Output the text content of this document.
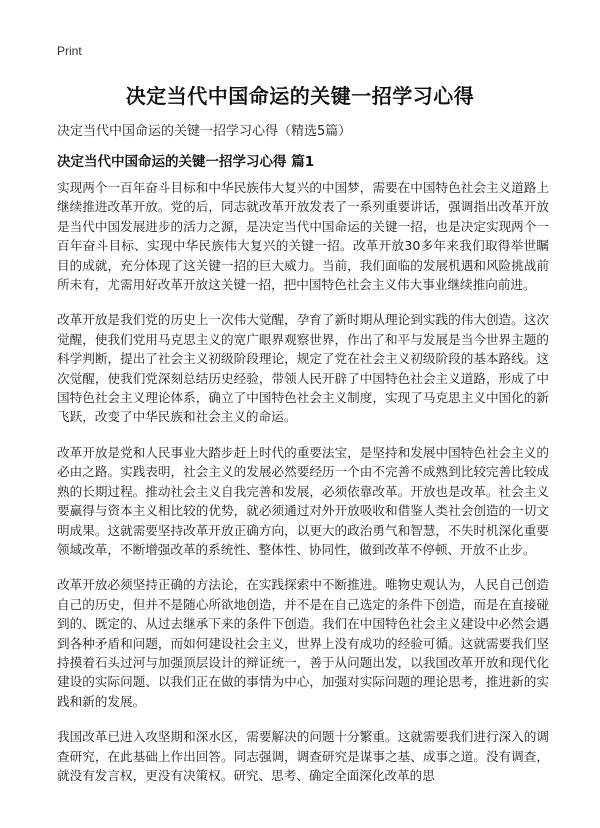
Print
决定当代中国命运的关键一招学习心得
决定当代中国命运的关键一招学习心得（精选5篇）
决定当代中国命运的关键一招学习心得 篇1

实现两个一百年奋斗目标和中华民族伟大复兴的中国梦，需要在中国特色社会主义道路上继续推进改革开放。党的后，同志就改革开放发表了一系列重要讲话，强调指出改革开放是当代中国发展进步的活力之源，是决定当代中国命运的关键一招，也是决定实现两个一百年奋斗目标、实现中华民族伟大复兴的关键一招。改革开放30多年来我们取得举世瞩目的成就，充分体现了这关键一招的巨大威力。当前，我们面临的发展机遇和风险挑战前所未有，尤需用好改革开放这关键一招，把中国特色社会主义伟大事业继续推向前进。

改革开放是我们党的历史上一次伟大觉醒，孕育了新时期从理论到实践的伟大创造。这次觉醒，使我们党用马克思主义的宽广眼界观察世界，作出了和平与发展是当今世界主题的科学判断，提出了社会主义初级阶段理论，规定了党在社会主义初级阶段的基本路线。这次觉醒，使我们党深刻总结历史经验，带领人民开辟了中国特色社会主义道路，形成了中国特色社会主义理论体系，确立了中国特色社会主义制度，实现了马克思主义中国化的新飞跃，改变了中华民族和社会主义的命运。

改革开放是党和人民事业大踏步赶上时代的重要法宝，是坚持和发展中国特色社会主义的必由之路。实践表明，社会主义的发展必然要经历一个由不完善不成熟到比较完善比较成熟的长期过程。推动社会主义自我完善和发展，必须依靠改革。开放也是改革。社会主义要赢得与资本主义相比较的优势，就必须通过对外开放吸收和借鉴人类社会创造的一切文明成果。这就需要坚持改革开放正确方向，以更大的政治勇气和智慧，不失时机深化重要领域改革，不断增强改革的系统性、整体性、协同性，做到改革不停顿、开放不止步。

改革开放必须坚持正确的方法论，在实践探索中不断推进。唯物史观认为，人民自己创造自己的历史，但并不是随心所欲地创造，并不是在自己选定的条件下创造，而是在直接碰到的、既定的、从过去继承下来的条件下创造。我们在中国特色社会主义建设中必然会遇到各种矛盾和问题，而如何建设社会主义，世界上没有成功的经验可循。这就需要我们坚持摸着石头过河与加强顶层设计的辩证统一，善于从问题出发，以我国改革开放和现代化建设的实际问题、以我们正在做的事情为中心，加强对实际问题的理论思考，推进新的实践和新的发展。

我国改革已进入攻坚期和深水区，需要解决的问题十分繁重。这就需要我们进行深入的调查研究，在此基础上作出回答。同志强调，调查研究是谋事之基、成事之道。没有调查，就没有发言权，更没有决策权。研究、思考、确定全面深化改革的思
